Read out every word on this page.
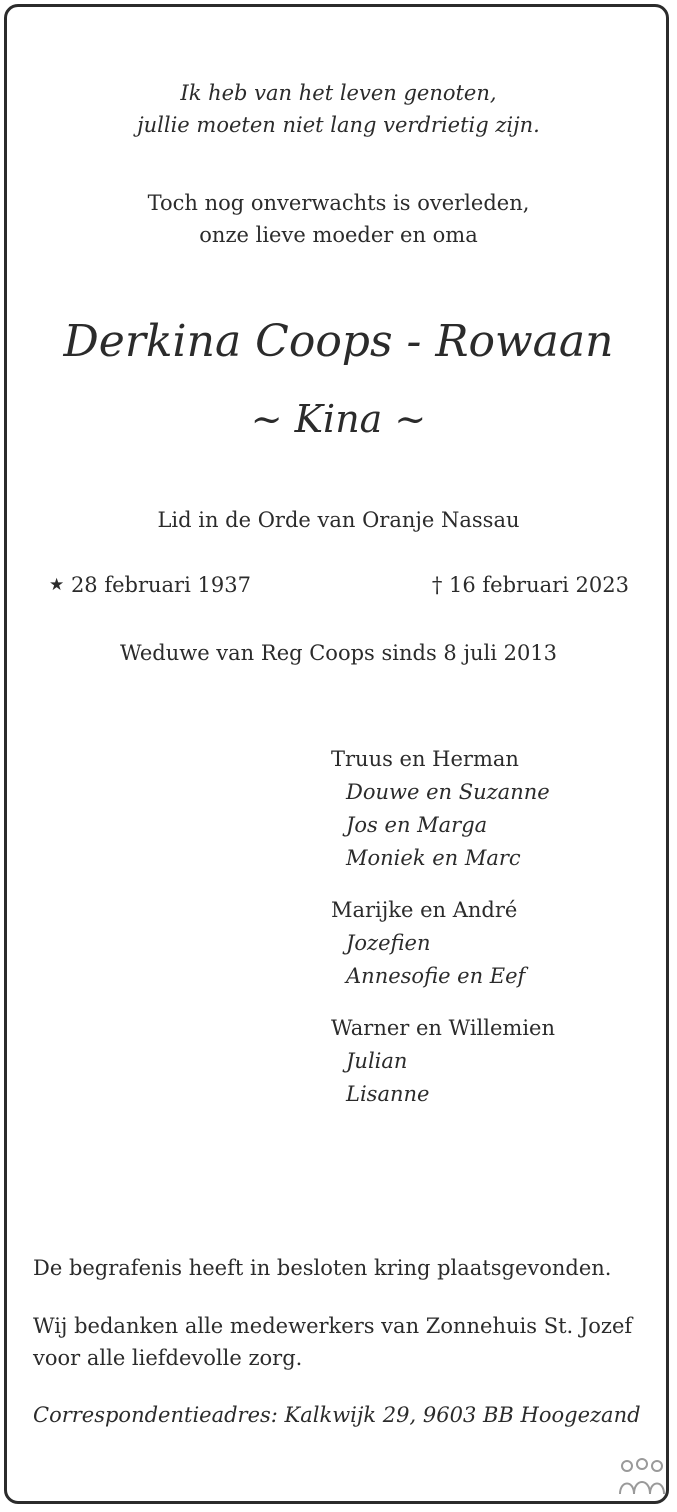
Ik heb van het leven genoten,
jullie moeten niet lang verdrietig zijn.
Toch nog onverwachts is overleden,
onze lieve moeder en oma
Derkina Coops - Rowaan
~ Kina ~
Lid in de Orde van Oranje Nassau
★ 28 februari 1937	† 16 februari 2023
Weduwe van Reg Coops sinds 8 juli 2013
Truus en Herman
Douwe en Suzanne
Jos en Marga
Moniek en Marc
Marijke en André
Jozefien
Annesofie en Eef
Warner en Willemien
Julian
Lisanne
De begrafenis heeft in besloten kring plaatsgevonden.
Wij bedanken alle medewerkers van Zonnehuis St. Jozef
voor alle liefdevolle zorg.
Correspondentieadres: Kalkwijk 29, 9603 BB Hoogezand
